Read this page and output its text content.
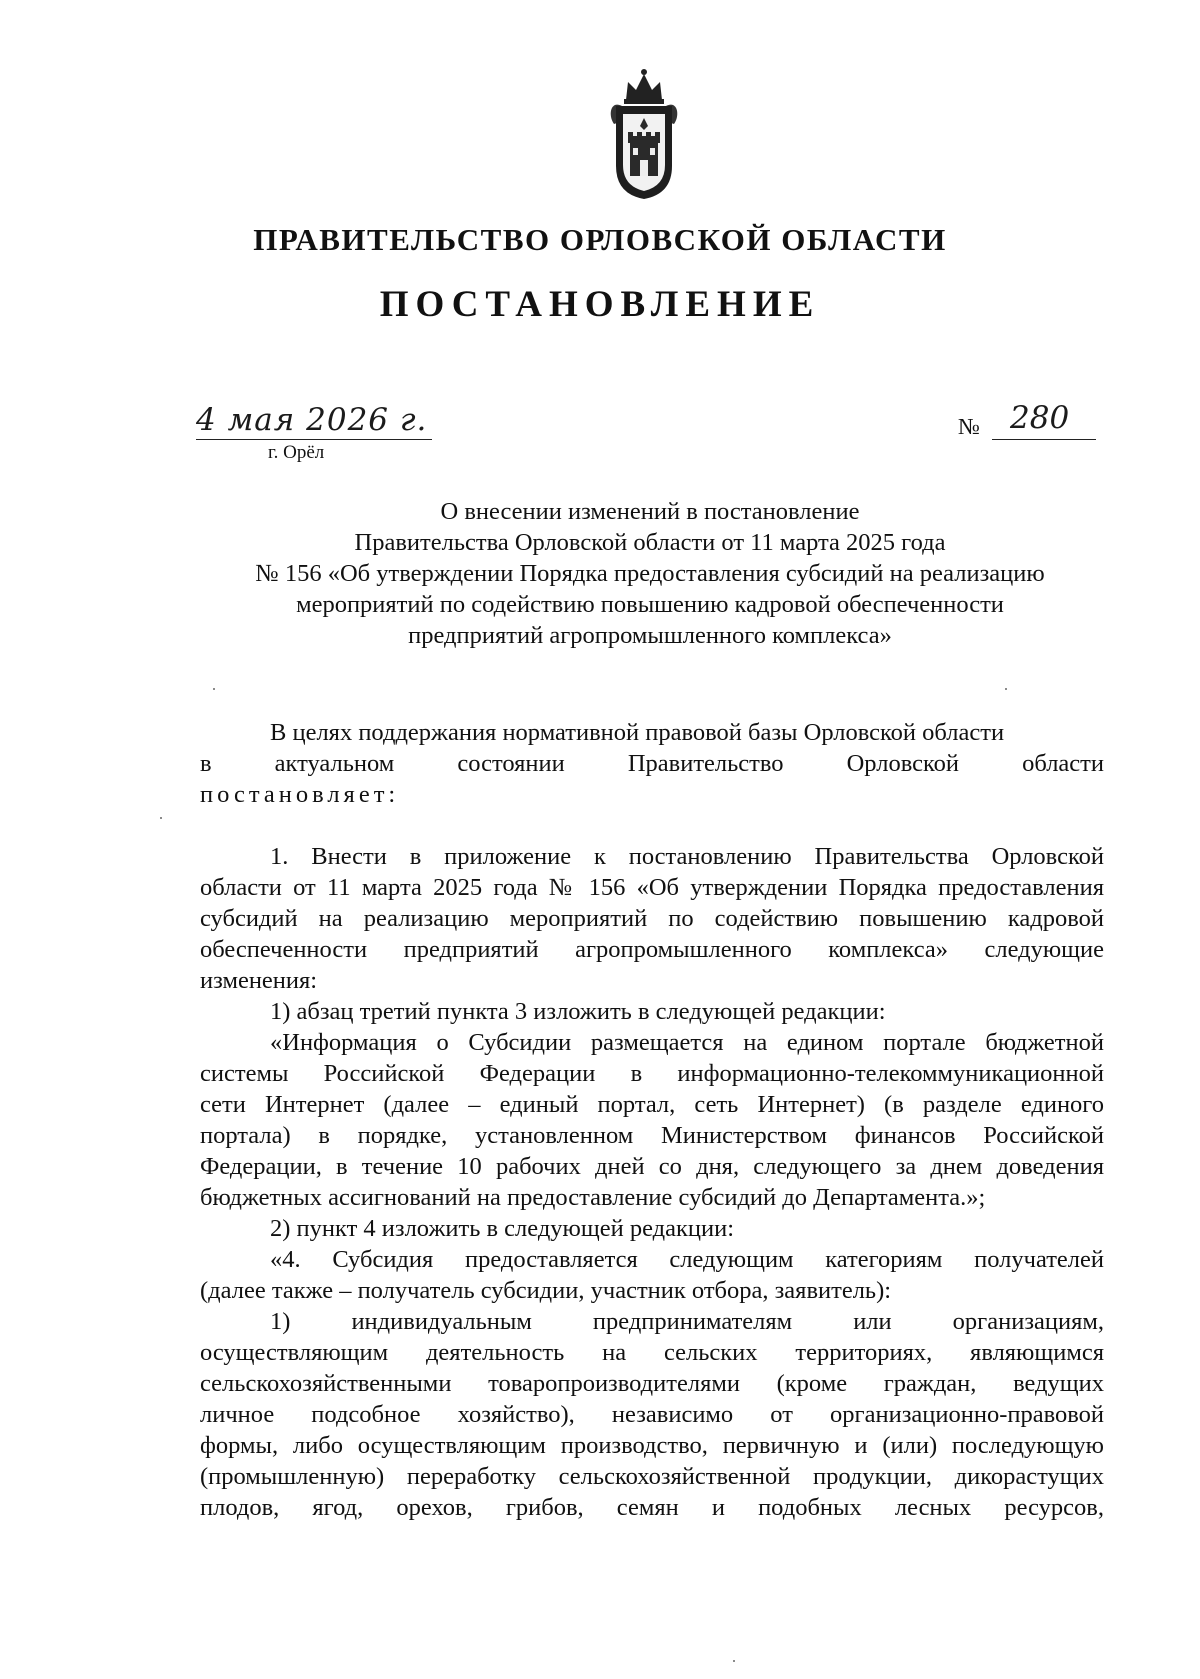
ПРАВИТЕЛЬСТВО ОРЛОВСКОЙ ОБЛАСТИ
ПОСТАНОВЛЕНИЕ
4 мая 2026 г.
г. Орёл
№ 280
О внесении изменений в постановление
Правительства Орловской области от 11 марта 2025 года
№ 156 «Об утверждении Порядка предоставления субсидий на реализацию
мероприятий по содействию повышению кадровой обеспеченности
предприятий агропромышленного комплекса»
В целях поддержания нормативной правовой базы Орловской области
в актуальном состоянии Правительство Орловской области
постановляет:
1. Внести в приложение к постановлению Правительства Орловской
области от 11 марта 2025 года № 156 «Об утверждении Порядка предоставления
субсидий на реализацию мероприятий по содействию повышению кадровой
обеспеченности предприятий агропромышленного комплекса» следующие
изменения:
1) абзац третий пункта 3 изложить в следующей редакции:
«Информация о Субсидии размещается на едином портале бюджетной
системы Российской Федерации в информационно-телекоммуникационной
сети Интернет (далее – единый портал, сеть Интернет) (в разделе единого
портала) в порядке, установленном Министерством финансов Российской
Федерации, в течение 10 рабочих дней со дня, следующего за днем доведения
бюджетных ассигнований на предоставление субсидий до Департамента.»;
2) пункт 4 изложить в следующей редакции:
«4. Субсидия предоставляется следующим категориям получателей
(далее также – получатель субсидии, участник отбора, заявитель):
1) индивидуальным предпринимателям или организациям,
осуществляющим деятельность на сельских территориях, являющимся
сельскохозяйственными товаропроизводителями (кроме граждан, ведущих
личное подсобное хозяйство), независимо от организационно-правовой
формы, либо осуществляющим производство, первичную и (или) последующую
(промышленную) переработку сельскохозяйственной продукции, дикорастущих
плодов, ягод, орехов, грибов, семян и подобных лесных ресурсов,
